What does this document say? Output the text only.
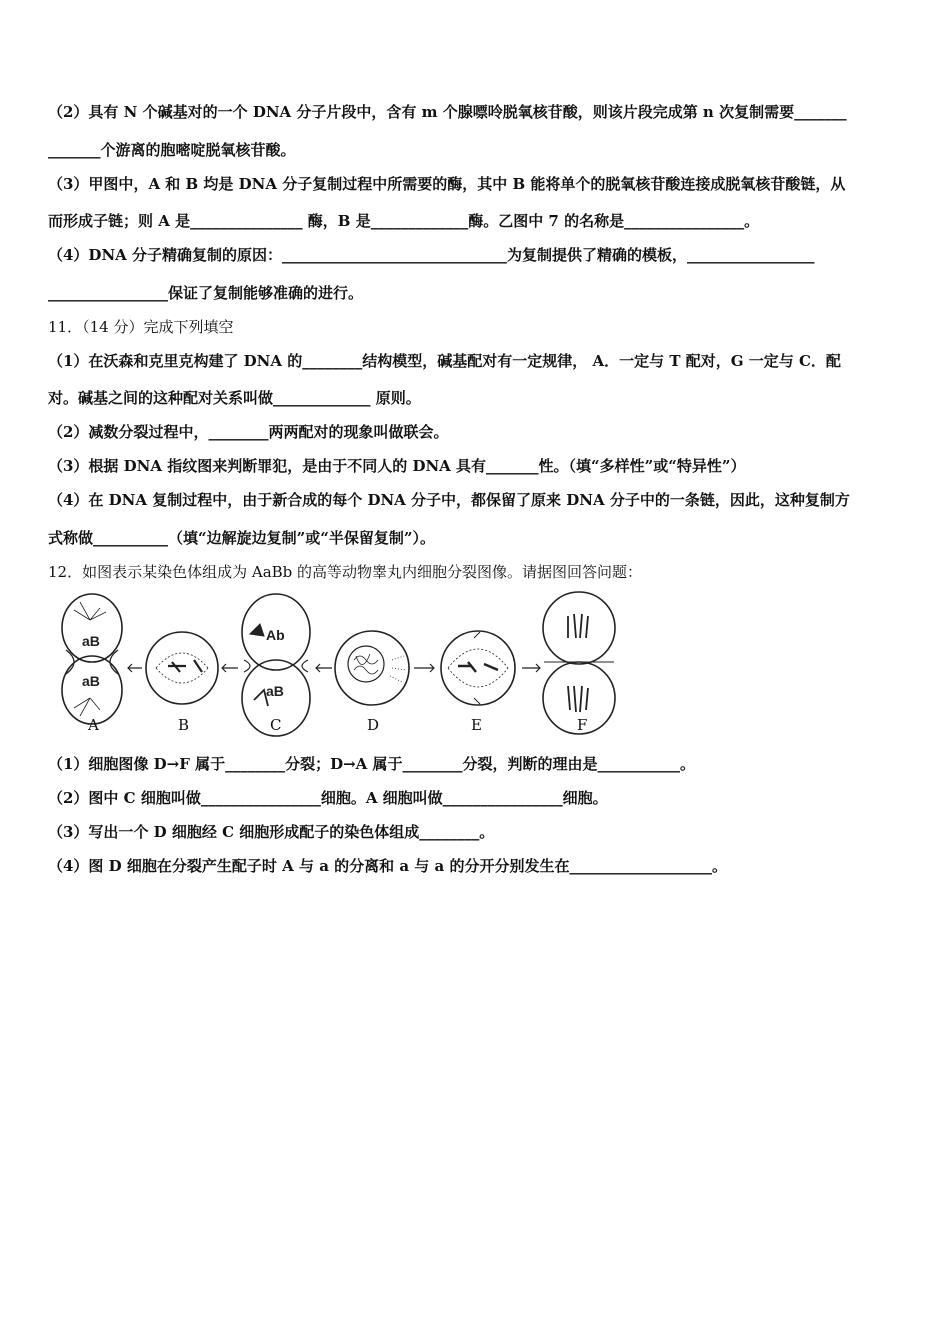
（2）具有 N 个碱基对的一个 DNA 分子片段中，含有 m 个腺嘌呤脱氧核苷酸，则该片段完成第 n 次复制需要_______
_______个游离的胞嘧啶脱氧核苷酸。
（3）甲图中，A 和 B 均是 DNA 分子复制过程中所需要的酶，其中 B 能将单个的脱氧核苷酸连接成脱氧核苷酸链，从
而形成子链；则 A 是_______________ 酶，B 是_____________酶。乙图中 7 的名称是________________。
（4）DNA 分子精确复制的原因：______________________________为复制提供了精确的模板，_________________
________________保证了复制能够准确的进行。
11．（14 分）完成下列填空
（1）在沃森和克里克构建了 DNA 的________结构模型，碱基配对有一定规律， A．一定与 T 配对，G 一定与 C．配
对。碱基之间的这种配对关系叫做_____________ 原则。
（2）减数分裂过程中，________两两配对的现象叫做联会。
（3）根据 DNA 指纹图来判断罪犯，是由于不同人的 DNA 具有_______性。（填“多样性”或“特异性”）
（4）在 DNA 复制过程中，由于新合成的每个 DNA 分子中，都保留了原来 DNA 分子中的一条链，因此，这种复制方
式称做__________（填“边解旋边复制”或“半保留复制”）。
12．如图表示某染色体组成为 AaBb 的高等动物睾丸内细胞分裂图像。请据图回答问题：
aB
aB
Ab
aB
A	B	C	D	E	F
（1）细胞图像 D→F 属于________分裂；D→A 属于________分裂，判断的理由是___________。
（2）图中 C 细胞叫做________________细胞。A 细胞叫做________________细胞。
（3）写出一个 D 细胞经 C 细胞形成配子的染色体组成________。
（4）图 D 细胞在分裂产生配子时 A 与 a 的分离和 a 与 a 的分开分别发生在___________________。
